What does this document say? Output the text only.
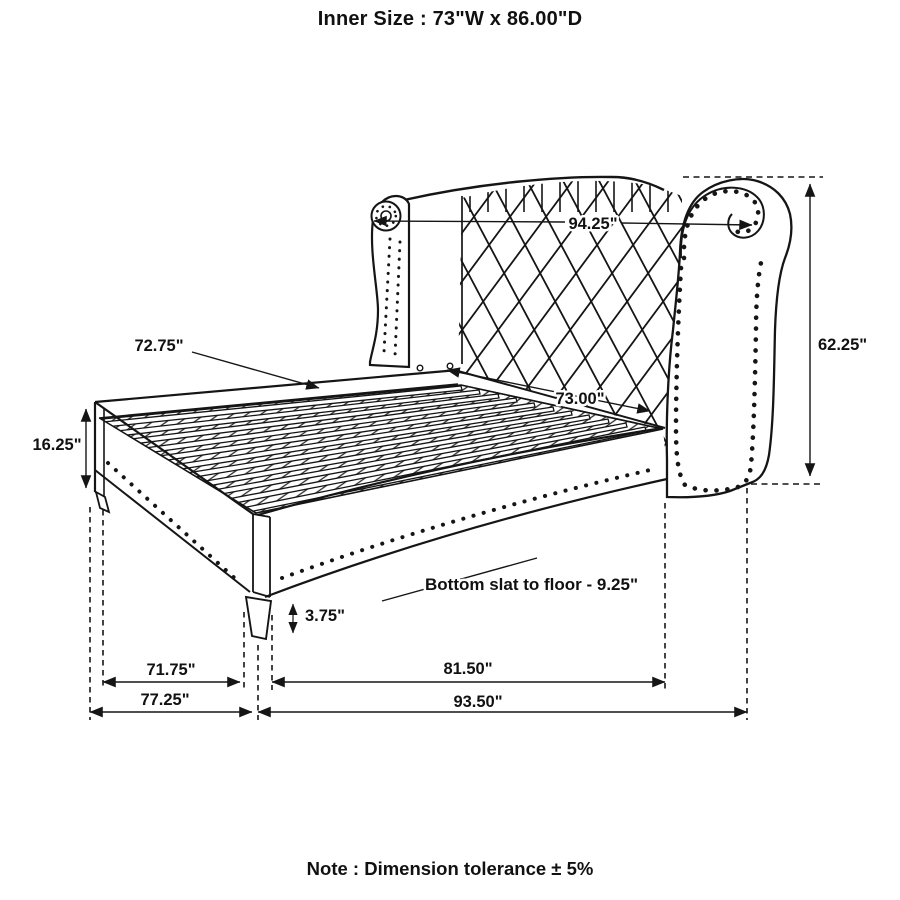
Inner Size : 73"W x 86.00"D
94.25"
62.25"
72.75"
73.00"
16.25"
3.75"
Bottom slat to floor - 9.25"
71.75"	81.50"
77.25"	93.50"
Note : Dimension tolerance ± 5%
